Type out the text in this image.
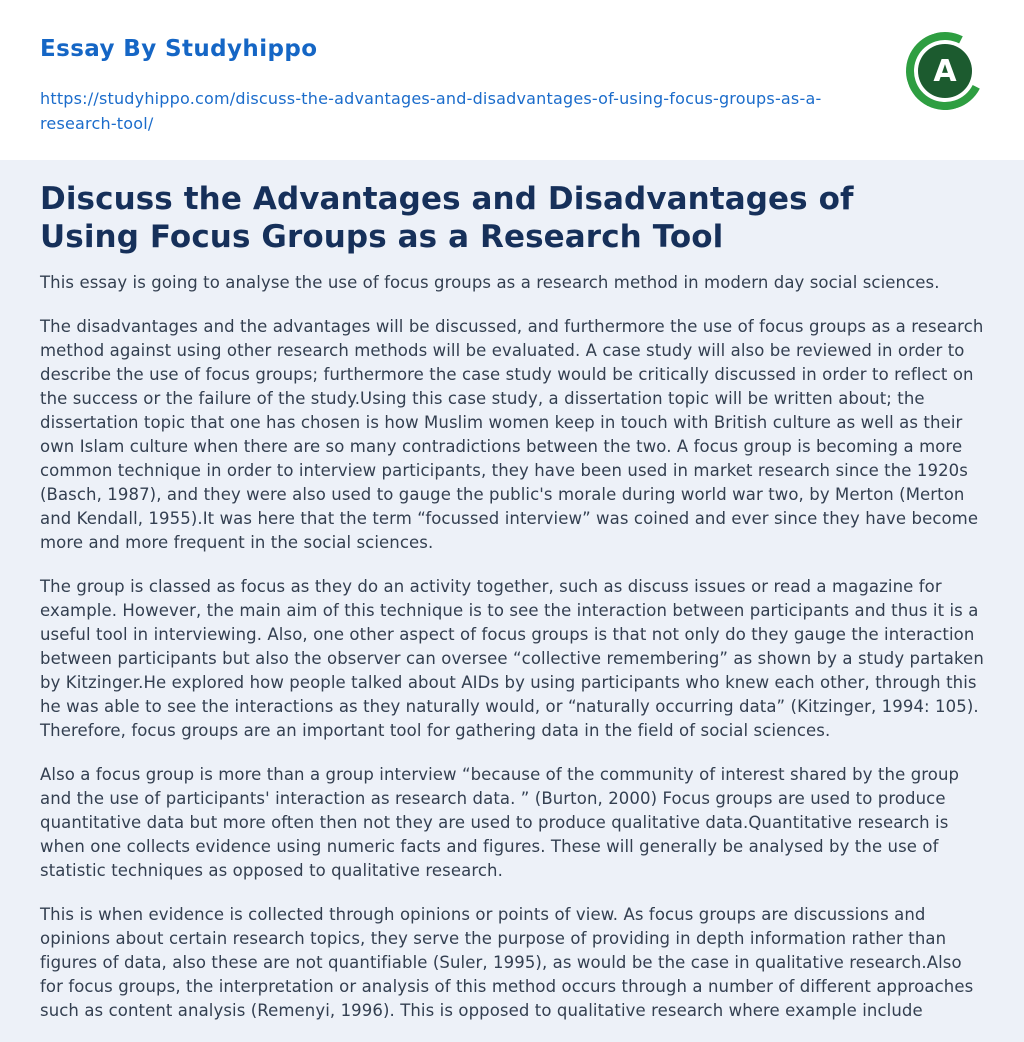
Essay By Studyhippo
https://studyhippo.com/discuss-the-advantages-and-disadvantages-of-using-focus-groups-as-a-research-tool/
A
Discuss the Advantages and Disadvantages of Using Focus Groups as a Research Tool

This essay is going to analyse the use of focus groups as a research method in modern day social sciences.

The disadvantages and the advantages will be discussed, and furthermore the use of focus groups as a research method against using other research methods will be evaluated. A case study will also be reviewed in order to describe the use of focus groups; furthermore the case study would be critically discussed in order to reflect on the success or the failure of the study.Using this case study, a dissertation topic will be written about; the dissertation topic that one has chosen is how Muslim women keep in touch with British culture as well as their own Islam culture when there are so many contradictions between the two. A focus group is becoming a more common technique in order to interview participants, they have been used in market research since the 1920s (Basch, 1987), and they were also used to gauge the public's morale during world war two, by Merton (Merton and Kendall, 1955).It was here that the term “focussed interview” was coined and ever since they have become more and more frequent in the social sciences.

The group is classed as focus as they do an activity together, such as discuss issues or read a magazine for example. However, the main aim of this technique is to see the interaction between participants and thus it is a useful tool in interviewing. Also, one other aspect of focus groups is that not only do they gauge the interaction between participants but also the observer can oversee “collective remembering” as shown by a study partaken by Kitzinger.He explored how people talked about AIDs by using participants who knew each other, through this he was able to see the interactions as they naturally would, or “naturally occurring data” (Kitzinger, 1994: 105). Therefore, focus groups are an important tool for gathering data in the field of social sciences.

Also a focus group is more than a group interview “because of the community of interest shared by the group and the use of participants' interaction as research data. ” (Burton, 2000) Focus groups are used to produce quantitative data but more often then not they are used to produce qualitative data.Quantitative research is when one collects evidence using numeric facts and figures. These will generally be analysed by the use of statistic techniques as opposed to qualitative research.

This is when evidence is collected through opinions or points of view. As focus groups are discussions and opinions about certain research topics, they serve the purpose of providing in depth information rather than figures of data, also these are not quantifiable (Suler, 1995), as would be the case in qualitative research.Also for focus groups, the interpretation or analysis of this method occurs through a number of different approaches such as content analysis (Remenyi, 1996). This is opposed to qualitative research where example include
